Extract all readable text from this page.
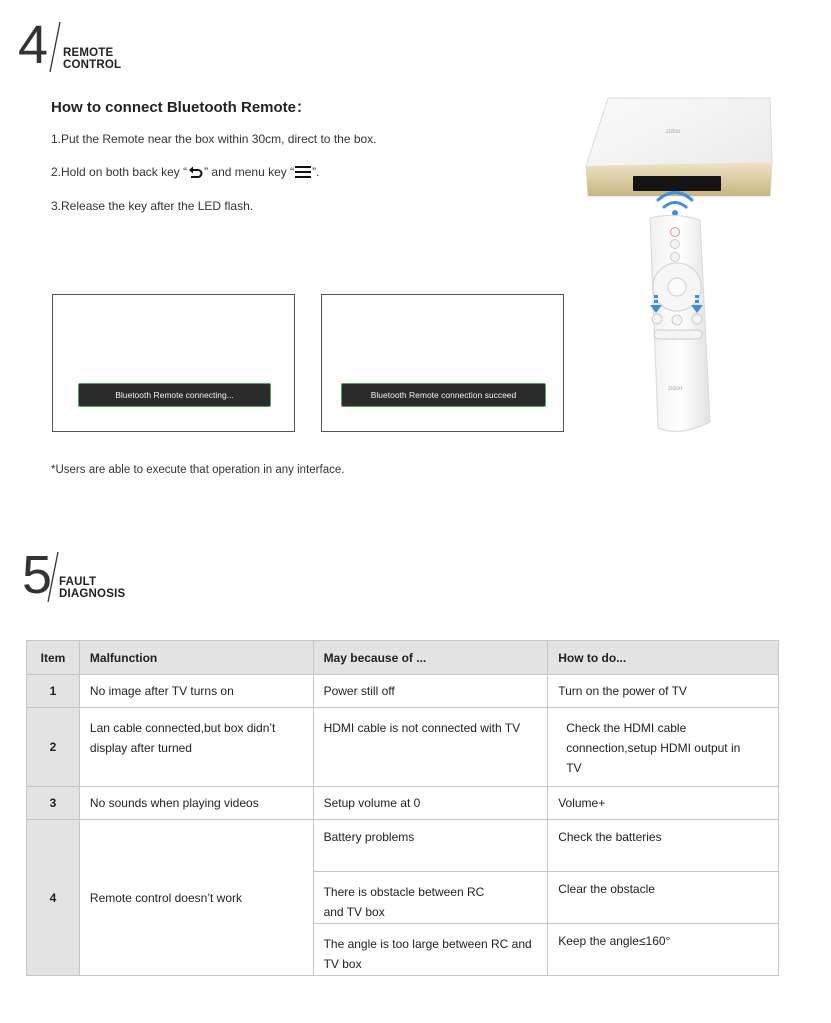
4 REMOTE
CONTROL
How to connect Bluetooth Remote：
1.Put the Remote near the box within 30cm, direct to the box.
2.Hold on both back key “ ” and menu key “ ”.
3.Release the key after the LED flash.
Bluetooth Remote connecting...	Bluetooth Remote connection succeed
zidoo
zidoo
*Users are able to execute that operation in any interface.
5 FAULT
DIAGNOSIS
Item	Malfunction	May because of ...	How to do...
1	No image after TV turns on	Power still off	Turn on the power of TV
2	Lan cable connected,but box didn’t display after turned	HDMI cable is not connected with TV	Check the HDMI cable connection,setup HDMI output in TV
3	No sounds when playing videos	Setup volume at 0	Volume+
4	Remote control doesn’t work	Battery problems	Check the batteries
		There is obstacle between RC and TV box	Clear the obstacle
		The angle is too large between RC and TV box	Keep the angle≤160°
